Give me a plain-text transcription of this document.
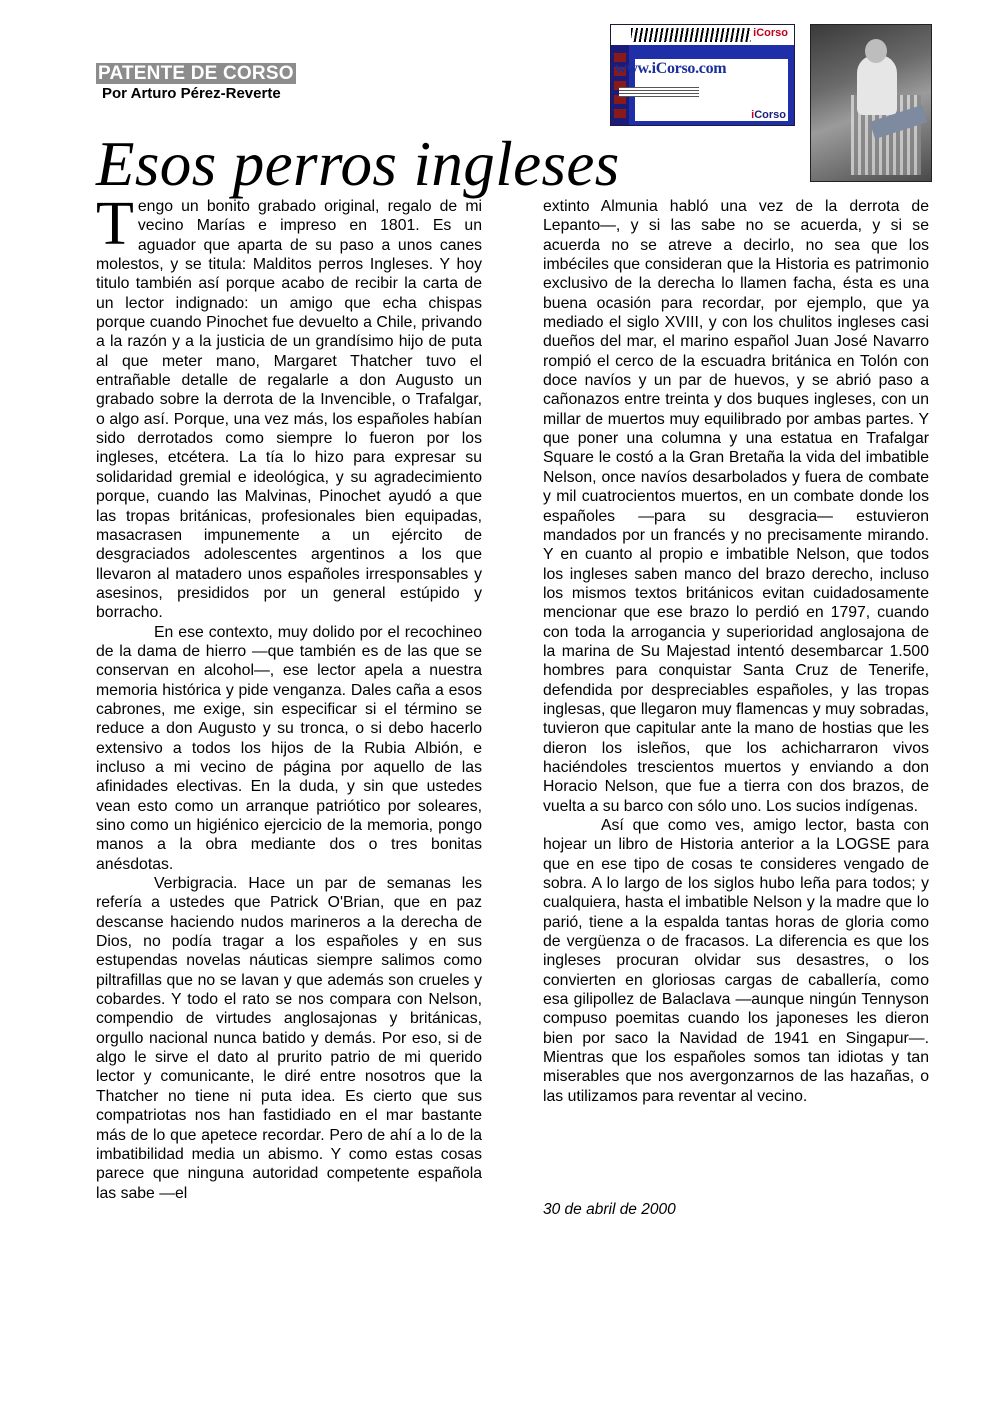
PATENTE DE CORSO
Por Arturo Pérez-Reverte
iCorso
www.iCorso.com
iCorso
Esos perros ingleses

Tengo un bonito grabado original, regalo de mi vecino Marías e impreso en 1801. Es un aguador que aparta de su paso a unos canes molestos, y se titula: Malditos perros Ingleses. Y hoy titulo también así porque acabo de recibir la carta de un lector indignado: un amigo que echa chispas porque cuando Pinochet fue devuelto a Chile, privando a la razón y a la justicia de un grandísimo hijo de puta al que meter mano, Margaret Thatcher tuvo el entrañable detalle de regalarle a don Augusto un grabado sobre la derrota de la Invencible, o Trafalgar, o algo así. Porque, una vez más, los españoles habían sido derrotados como siempre lo fueron por los ingleses, etcétera. La tía lo hizo para expresar su solidaridad gremial e ideológica, y su agradecimiento porque, cuando las Malvinas, Pinochet ayudó a que las tropas británicas, profesionales bien equipadas, masacrasen impunemente a un ejército de desgraciados adolescentes argentinos a los que llevaron al matadero unos españoles irresponsables y asesinos, presididos por un general estúpido y borracho.

En ese contexto, muy dolido por el recochineo de la dama de hierro —que también es de las que se conservan en alcohol—, ese lector apela a nuestra memoria histórica y pide venganza. Dales caña a esos cabrones, me exige, sin especificar si el término se reduce a don Augusto y su tronca, o si debo hacerlo extensivo a todos los hijos de la Rubia Albión, e incluso a mi vecino de página por aquello de las afinidades electivas. En la duda, y sin que ustedes vean esto como un arranque patriótico por soleares, sino como un higiénico ejercicio de la memoria, pongo manos a la obra mediante dos o tres bonitas anésdotas.

Verbigracia. Hace un par de semanas les refería a ustedes que Patrick O'Brian, que en paz descanse haciendo nudos marineros a la derecha de Dios, no podía tragar a los españoles y en sus estupendas novelas náuticas siempre salimos como piltrafillas que no se lavan y que además son crueles y cobardes. Y todo el rato se nos compara con Nelson, compendio de virtudes anglosajonas y británicas, orgullo nacional nunca batido y demás. Por eso, si de algo le sirve el dato al prurito patrio de mi querido lector y comunicante, le diré entre nosotros que la Thatcher no tiene ni puta idea. Es cierto que sus compatriotas nos han fastidiado en el mar bastante más de lo que apetece recordar. Pero de ahí a lo de la imbatibilidad media un abismo. Y como estas cosas parece que ninguna autoridad competente española las sabe —el

extinto Almunia habló una vez de la derrota de Lepanto—, y si las sabe no se acuerda, y si se acuerda no se atreve a decirlo, no sea que los imbéciles que consideran que la Historia es patrimonio exclusivo de la derecha lo llamen facha, ésta es una buena ocasión para recordar, por ejemplo, que ya mediado el siglo XVIII, y con los chulitos ingleses casi dueños del mar, el marino español Juan José Navarro rompió el cerco de la escuadra británica en Tolón con doce navíos y un par de huevos, y se abrió paso a cañonazos entre treinta y dos buques ingleses, con un millar de muertos muy equilibrado por ambas partes. Y que poner una columna y una estatua en Trafalgar Square le costó a la Gran Bretaña la vida del imbatible Nelson, once navíos desarbolados y fuera de combate y mil cuatrocientos muertos, en un combate donde los españoles —para su desgracia— estuvieron mandados por un francés y no precisamente mirando. Y en cuanto al propio e imbatible Nelson, que todos los ingleses saben manco del brazo derecho, incluso los mismos textos británicos evitan cuidadosamente mencionar que ese brazo lo perdió en 1797, cuando con toda la arrogancia y superioridad anglosajona de la marina de Su Majestad intentó desembarcar 1.500 hombres para conquistar Santa Cruz de Tenerife, defendida por despreciables españoles, y las tropas inglesas, que llegaron muy flamencas y muy sobradas, tuvieron que capitular ante la mano de hostias que les dieron los isleños, que los achicharraron vivos haciéndoles trescientos muertos y enviando a don Horacio Nelson, que fue a tierra con dos brazos, de vuelta a su barco con sólo uno. Los sucios indígenas.

Así que como ves, amigo lector, basta con hojear un libro de Historia anterior a la LOGSE para que en ese tipo de cosas te consideres vengado de sobra. A lo largo de los siglos hubo leña para todos; y cualquiera, hasta el imbatible Nelson y la madre que lo parió, tiene a la espalda tantas horas de gloria como de vergüenza o de fracasos. La diferencia es que los ingleses procuran olvidar sus desastres, o los convierten en gloriosas cargas de caballería, como esa gilipollez de Balaclava —aunque ningún Tennyson compuso poemitas cuando los japoneses les dieron bien por saco la Navidad de 1941 en Singapur—. Mientras que los españoles somos tan idiotas y tan miserables que nos avergonzarnos de las hazañas, o las utilizamos para reventar al vecino.

30 de abril de 2000
